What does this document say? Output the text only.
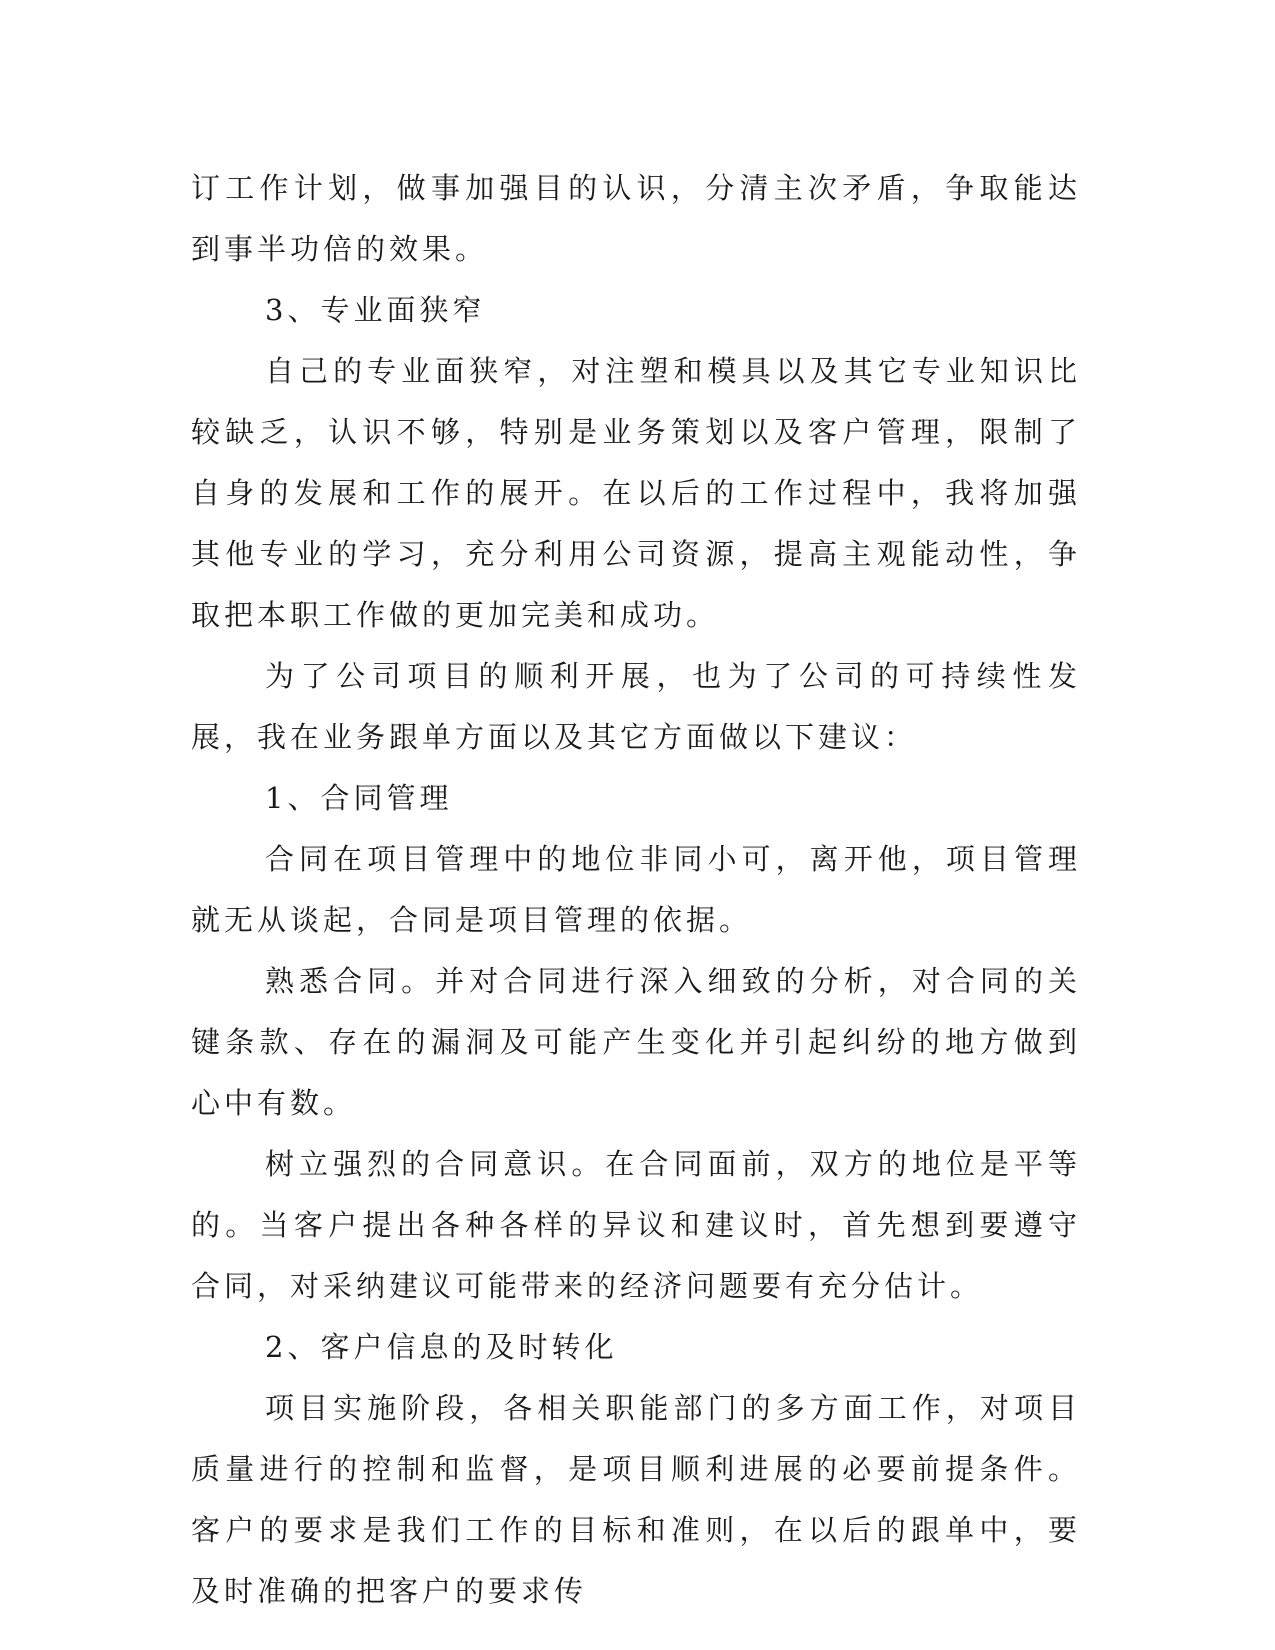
订工作计划，做事加强目的认识，分清主次矛盾，争取能达到事半功倍的效果。

3、专业面狭窄

自己的专业面狭窄，对注塑和模具以及其它专业知识比较缺乏，认识不够，特别是业务策划以及客户管理，限制了自身的发展和工作的展开。在以后的工作过程中，我将加强其他专业的学习，充分利用公司资源，提高主观能动性，争取把本职工作做的更加完美和成功。

为了公司项目的顺利开展，也为了公司的可持续性发展，我在业务跟单方面以及其它方面做以下建议：

1、合同管理

合同在项目管理中的地位非同小可，离开他，项目管理就无从谈起，合同是项目管理的依据。

熟悉合同。并对合同进行深入细致的分析，对合同的关键条款、存在的漏洞及可能产生变化并引起纠纷的地方做到心中有数。

树立强烈的合同意识。在合同面前，双方的地位是平等的。当客户提出各种各样的异议和建议时，首先想到要遵守合同，对采纳建议可能带来的经济问题要有充分估计。

2、客户信息的及时转化

项目实施阶段，各相关职能部门的多方面工作，对项目质量进行的控制和监督，是项目顺利进展的必要前提条件。客户的要求是我们工作的目标和准则，在以后的跟单中，要及时准确的把客户的要求传
